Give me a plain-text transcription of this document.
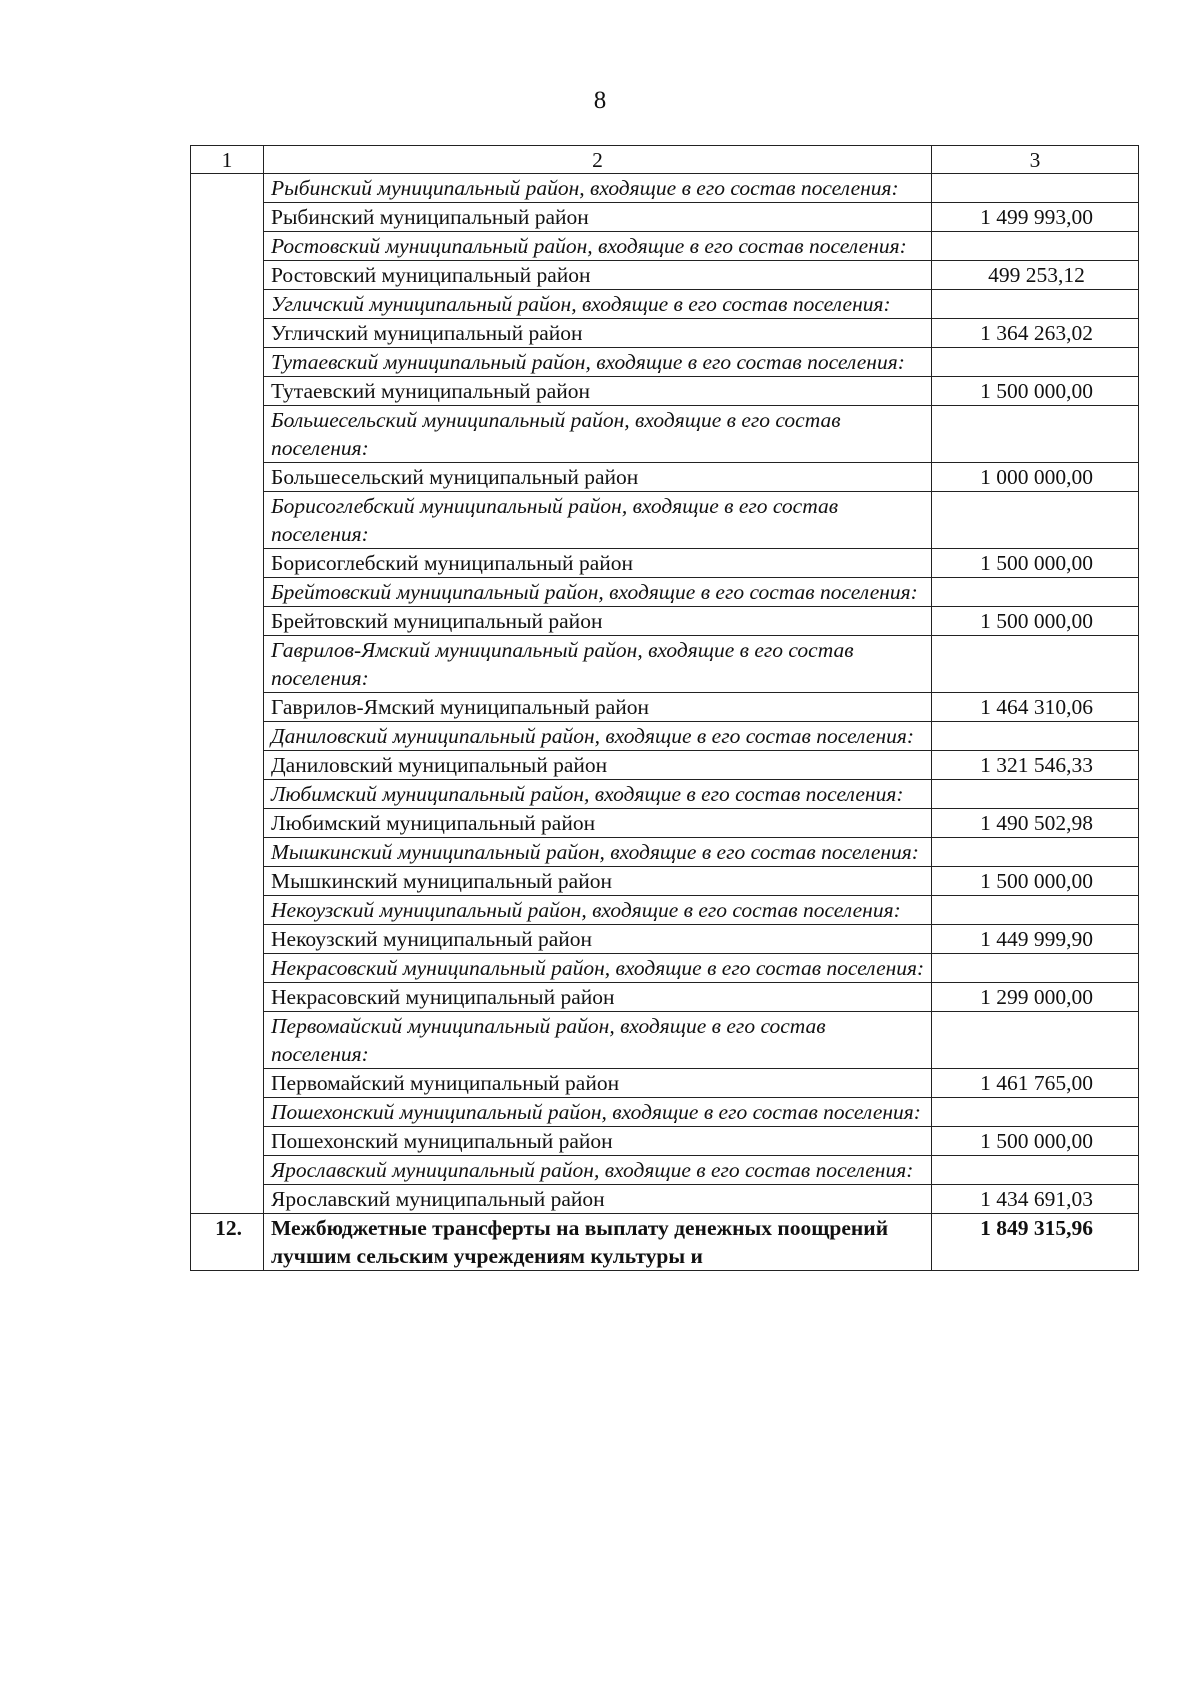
8
1	2	3
	Рыбинский муниципальный район, входящие в его состав поселения:	
	Рыбинский муниципальный район	1 499 993,00
	Ростовский муниципальный район, входящие в его состав поселения:	
	Ростовский муниципальный район	499 253,12
	Угличский муниципальный район, входящие в его состав поселения:	
	Угличский муниципальный район	1 364 263,02
	Тутаевский муниципальный район, входящие в его состав поселения:	
	Тутаевский муниципальный район	1 500 000,00
	Большесельский муниципальный район, входящие в его состав поселения:	
	Большесельский муниципальный район	1 000 000,00
	Борисоглебский муниципальный район, входящие в его состав поселения:	
	Борисоглебский муниципальный район	1 500 000,00
	Брейтовский муниципальный район, входящие в его состав поселения:	
	Брейтовский муниципальный район	1 500 000,00
	Гаврилов-Ямский муниципальный район, входящие в его состав поселения:	
	Гаврилов-Ямский муниципальный район	1 464 310,06
	Даниловский муниципальный район, входящие в его состав поселения:	
	Даниловский муниципальный район	1 321 546,33
	Любимский муниципальный район, входящие в его состав поселения:	
	Любимский муниципальный район	1 490 502,98
	Мышкинский муниципальный район, входящие в его состав поселения:	
	Мышкинский муниципальный район	1 500 000,00
	Некоузский муниципальный район, входящие в его состав поселения:	
	Некоузский муниципальный район	1 449 999,90
	Некрасовский муниципальный район, входящие в его состав поселения:	
	Некрасовский муниципальный район	1 299 000,00
	Первомайский муниципальный район, входящие в его состав поселения:	
	Первомайский муниципальный район	1 461 765,00
	Пошехонский муниципальный район, входящие в его состав поселения:	
	Пошехонский муниципальный район	1 500 000,00
	Ярославский муниципальный район, входящие в его состав поселения:	
	Ярославский муниципальный район	1 434 691,03
12.	Межбюджетные трансферты на выплату денежных поощрений лучшим сельским учреждениям культуры и	1 849 315,96
